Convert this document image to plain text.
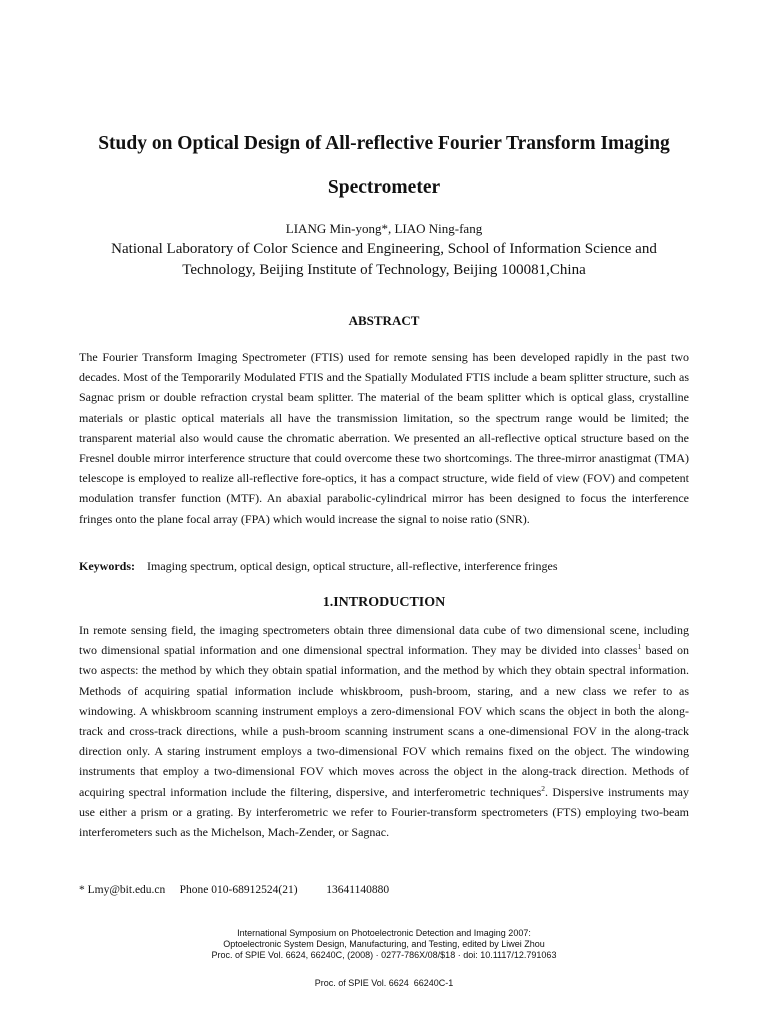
Study on Optical Design of All-reflective Fourier Transform Imaging Spectrometer
LIANG Min-yong*, LIAO Ning-fang
National Laboratory of Color Science and Engineering, School of Information Science and Technology, Beijing Institute of Technology, Beijing 100081,China
ABSTRACT

The Fourier Transform Imaging Spectrometer (FTIS) used for remote sensing has been developed rapidly in the past two decades. Most of the Temporarily Modulated FTIS and the Spatially Modulated FTIS include a beam splitter structure, such as Sagnac prism or double refraction crystal beam splitter. The material of the beam splitter which is optical glass, crystalline materials or plastic optical materials all have the transmission limitation, so the spectrum range would be limited; the transparent material also would cause the chromatic aberration. We presented an all-reflective optical structure based on the Fresnel double mirror interference structure that could overcome these two shortcomings. The three-mirror anastigmat (TMA) telescope is employed to realize all-reflective fore-optics, it has a compact structure, wide field of view (FOV) and competent modulation transfer function (MTF). An abaxial parabolic-cylindrical mirror has been designed to focus the interference fringes onto the plane focal array (FPA) which would increase the signal to noise ratio (SNR).

Keywords: Imaging spectrum, optical design, optical structure, all-reflective, interference fringes
1.INTRODUCTION

In remote sensing field, the imaging spectrometers obtain three dimensional data cube of two dimensional scene, including two dimensional spatial information and one dimensional spectral information. They may be divided into classes$^1$ based on two aspects: the method by which they obtain spatial information, and the method by which they obtain spectral information. Methods of acquiring spatial information include whiskbroom, push-broom, staring, and a new class we refer to as windowing. A whiskbroom scanning instrument employs a zero-dimensional FOV which scans the object in both the along-track and cross-track directions, while a push-broom scanning instrument scans a one-dimensional FOV in the along-track direction only. A staring instrument employs a two-dimensional FOV which remains fixed on the object. The windowing instruments that employ a two-dimensional FOV which moves across the object in the along-track direction. Methods of acquiring spectral information include the filtering, dispersive, and interferometric techniques$^2$. Dispersive instruments may use either a prism or a grating. By interferometric we refer to Fourier-transform spectrometers (FTS) employing two-beam interferometers such as the Michelson, Mach-Zender, or Sagnac.

* Lmy@bit.edu.cn     Phone 010-68912524(21)          13641140880
International Symposium on Photoelectronic Detection and Imaging 2007:
Optoelectronic System Design, Manufacturing, and Testing, edited by Liwei Zhou
Proc. of SPIE Vol. 6624, 66240C, (2008) · 0277-786X/08/$18 · doi: 10.1117/12.791063
Proc. of SPIE Vol. 6624  66240C-1
